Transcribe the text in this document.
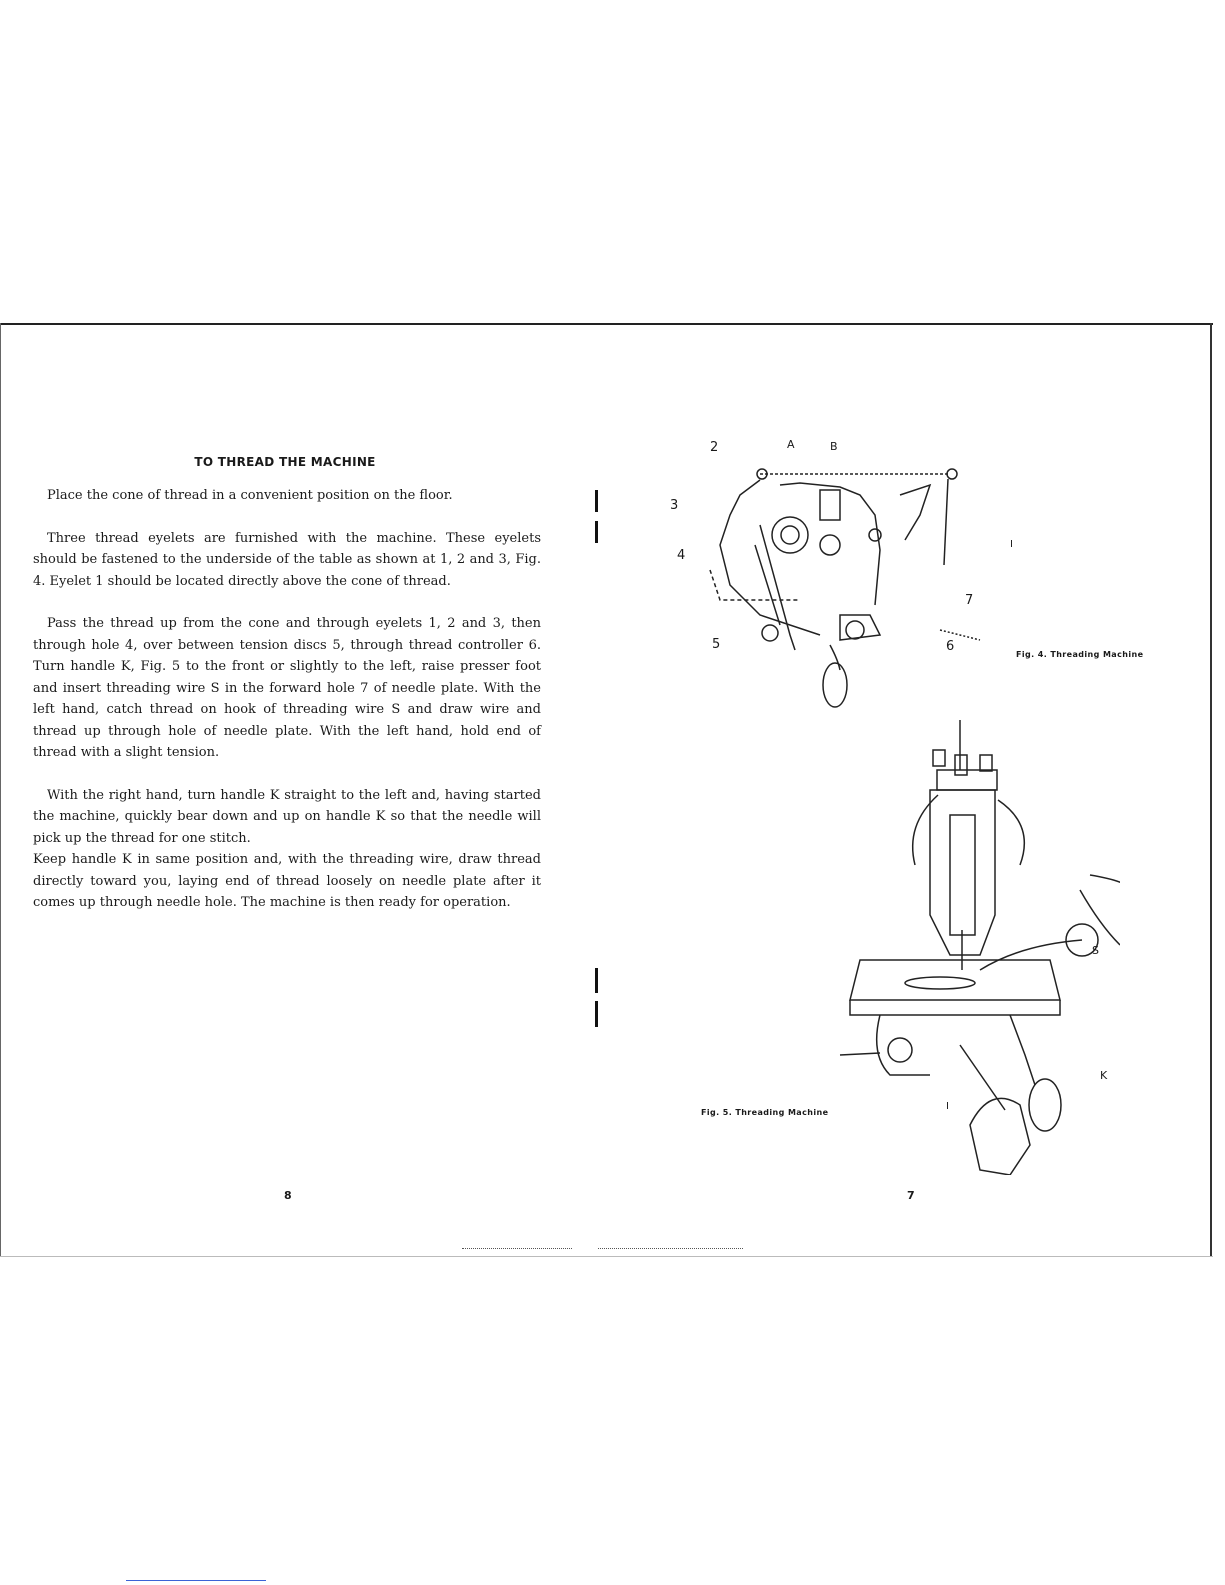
TO THREAD THE MACHINE

Place the cone of thread in a convenient position on the floor.

Three thread eyelets are furnished with the machine. These eyelets should be fastened to the underside of the table as shown at 1, 2 and 3, Fig. 4. Eyelet 1 should be located directly above the cone of thread.

Pass the thread up from the cone and through eyelets 1, 2 and 3, then through hole 4, over between tension discs 5, through thread controller 6. Turn handle K, Fig. 5 to the front or slightly to the left, raise presser foot and insert threading wire S in the forward hole 7 of needle plate. With the left hand, catch thread on hook of threading wire S and draw wire and thread up through hole of needle plate. With the left hand, hold end of thread with a slight tension.

With the right hand, turn handle K straight to the left and, having started the machine, quickly bear down and up on handle K so that the needle will pick up the thread for one stitch.

Keep handle K in same position and, with the threading wire, draw thread directly toward you, laying end of thread loosely on needle plate after it comes up through needle hole. The machine is then ready for operation.

8	7
2	A	B
3
4
I
7
5	6
Fig. 4. Threading Machine
S
K
I
Fig. 5. Threading Machine
